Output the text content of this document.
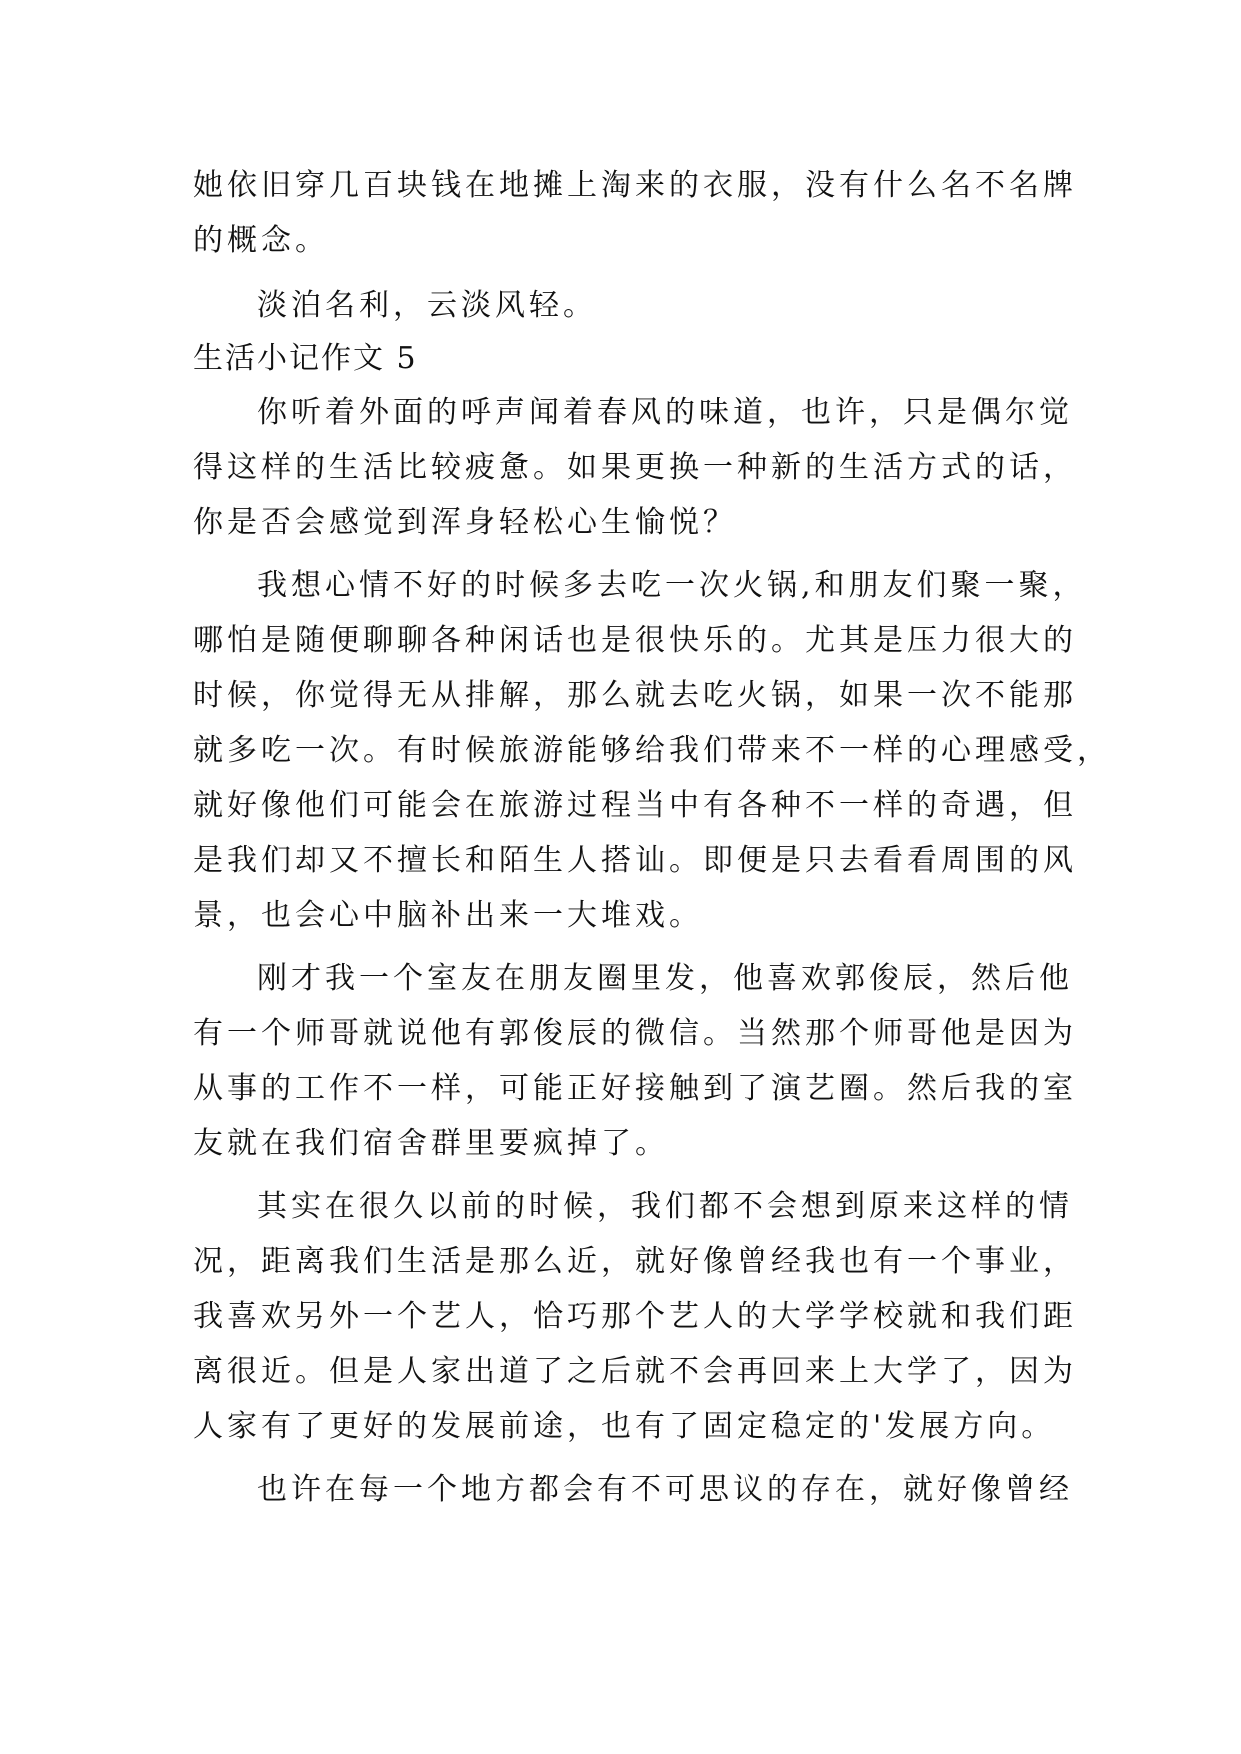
她依旧穿几百块钱在地摊上淘来的衣服，没有什么名不名牌
的概念。
淡泊名利，云淡风轻。
生活小记作文 5
你听着外面的呼声闻着春风的味道，也许，只是偶尔觉
得这样的生活比较疲惫。如果更换一种新的生活方式的话，
你是否会感觉到浑身轻松心生愉悦？
我想心情不好的时候多去吃一次火锅,和朋友们聚一聚，
哪怕是随便聊聊各种闲话也是很快乐的。尤其是压力很大的
时候，你觉得无从排解，那么就去吃火锅，如果一次不能那
就多吃一次。有时候旅游能够给我们带来不一样的心理感受，
就好像他们可能会在旅游过程当中有各种不一样的奇遇，但
是我们却又不擅长和陌生人搭讪。即便是只去看看周围的风
景，也会心中脑补出来一大堆戏。
刚才我一个室友在朋友圈里发，他喜欢郭俊辰，然后他
有一个师哥就说他有郭俊辰的微信。当然那个师哥他是因为
从事的工作不一样，可能正好接触到了演艺圈。然后我的室
友就在我们宿舍群里要疯掉了。
其实在很久以前的时候，我们都不会想到原来这样的情
况，距离我们生活是那么近，就好像曾经我也有一个事业，
我喜欢另外一个艺人，恰巧那个艺人的大学学校就和我们距
离很近。但是人家出道了之后就不会再回来上大学了，因为
人家有了更好的发展前途，也有了固定稳定的'发展方向。
也许在每一个地方都会有不可思议的存在，就好像曾经
